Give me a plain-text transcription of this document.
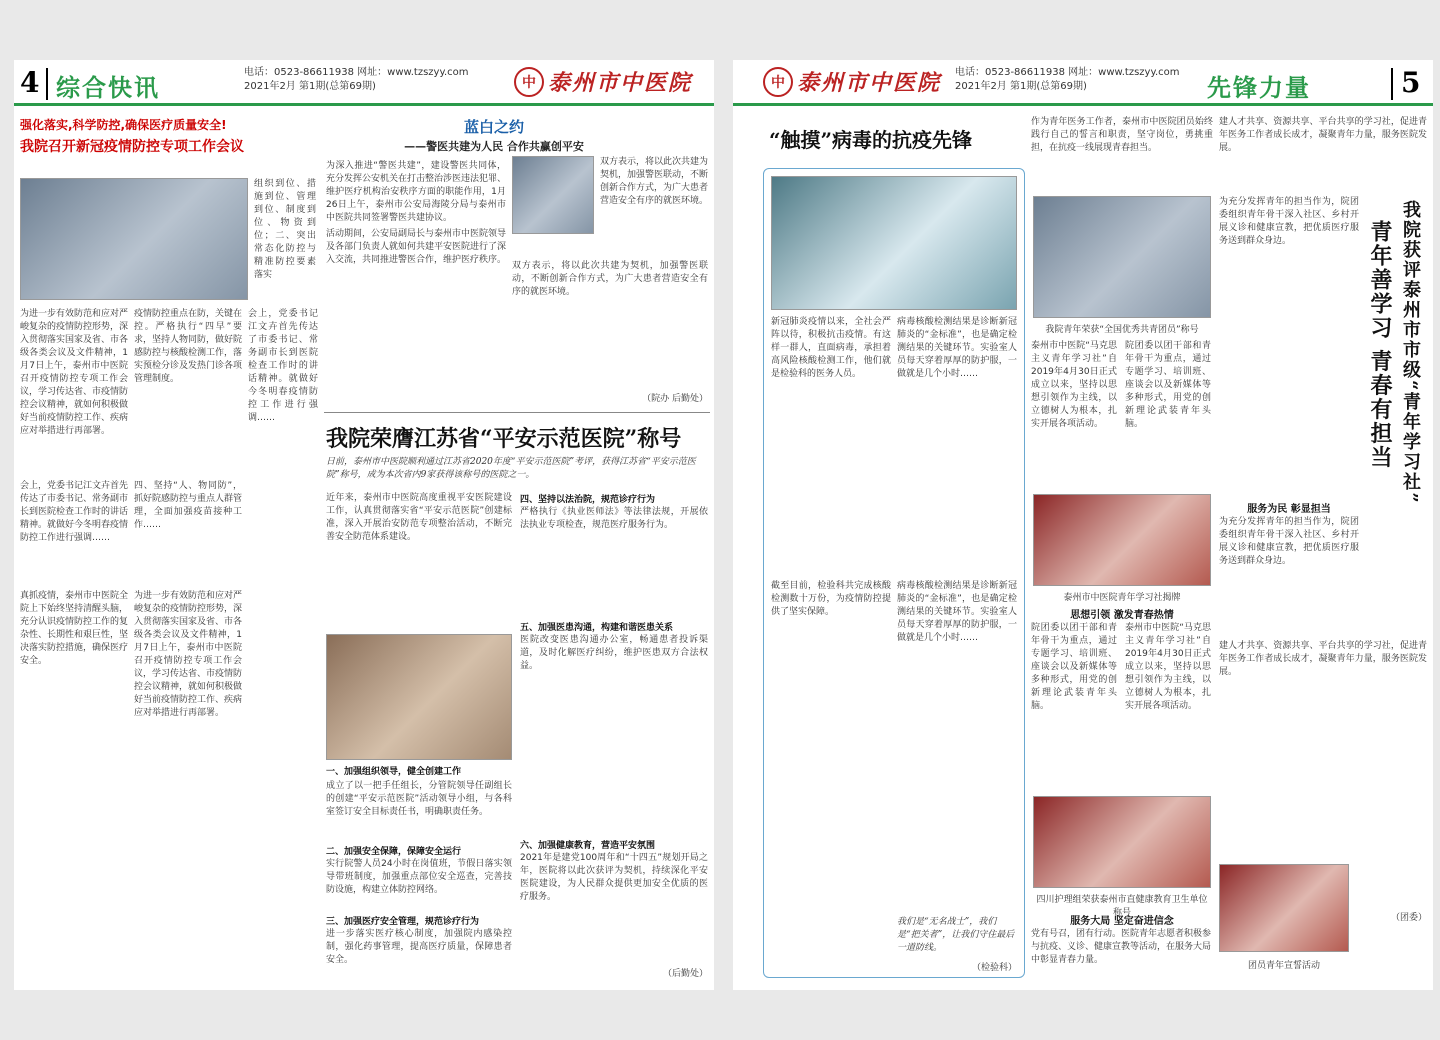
4 综合快讯
电话：0523-86611938 网址：www.tzszyy.com
2021年2月 第1期(总第69期)	中 泰州市中医院
强化落实,科学防控,确保医疗质量安全!
我院召开新冠疫情防控专项工作会议
组织到位、措施到位、管理到位、制度到位、物资到位；二、突出常态化防控与精准防控要素落实
为进一步有效防范和应对严峻复杂的疫情防控形势，深入贯彻落实国家及省、市各级各类会议及文件精神，1月7日上午，泰州市中医院召开疫情防控专项工作会议，学习传达省、市疫情防控会议精神，就如何积极做好当前疫情防控工作、疾病应对举措进行再部署。
会上，党委书记江文卉首先传达了市委书记、常务副市长到医院检查工作时的讲话精神。就做好今冬明春疫情防控工作进行强调……
疫情防控重点在防，关键在控。严格执行“四早”要求，坚持人物同防，做好院感防控与核酸检测工作，落实预检分诊及发热门诊各项管理制度。
四、坚持“人、物同防”，抓好院感防控与重点人群管理，全面加强疫苗接种工作……
真抓疫情，泰州市中医院全院上下始终坚持清醒头脑，充分认识疫情防控工作的复杂性、长期性和艰巨性，坚决落实防控措施，确保医疗安全。
为进一步有效防范和应对严峻复杂的疫情防控形势，深入贯彻落实国家及省、市各级各类会议及文件精神，1月7日上午，泰州市中医院召开疫情防控专项工作会议，学习传达省、市疫情防控会议精神，就如何积极做好当前疫情防控工作、疾病应对举措进行再部署。
会上，党委书记江文卉首先传达了市委书记、常务副市长到医院检查工作时的讲话精神。就做好今冬明春疫情防控工作进行强调……
蓝白之约
——警医共建为人民 合作共赢创平安
为深入推进“警医共建”，建设警医共同体，充分发挥公安机关在打击整治涉医违法犯罪、维护医疗机构治安秩序方面的职能作用，1月26日上午，泰州市公安局海陵分局与泰州市中医院共同签署警医共建协议。
双方表示，将以此次共建为契机，加强警医联动，不断创新合作方式，为广大患者营造安全有序的就医环境。
活动期间，公安局副局长与泰州市中医院领导及各部门负责人就如何共建平安医院进行了深入交流，共同推进警医合作，维护医疗秩序。
双方表示，将以此次共建为契机，加强警医联动，不断创新合作方式，为广大患者营造安全有序的就医环境。
（院办 后勤处）
我院荣膺江苏省“平安示范医院”称号
日前，泰州市中医院顺利通过江苏省2020年度“平安示范医院”考评，获得江苏省“平安示范医院”称号，成为本次省内9家获得该称号的医院之一。
近年来，泰州市中医院高度重视平安医院建设工作，认真贯彻落实省“平安示范医院”创建标准，深入开展治安防范专项整治活动，不断完善安全防范体系建设。
一、加强组织领导，健全创建工作
成立了以一把手任组长，分管院领导任副组长的创建“平安示范医院”活动领导小组，与各科室签订安全目标责任书，明确职责任务。
二、加强安全保障，保障安全运行
实行院警人员24小时在岗值班，节假日落实领导带班制度，加强重点部位安全巡查，完善技防设施，构建立体防控网络。
三、加强医疗安全管理，规范诊疗行为
进一步落实医疗核心制度，加强院内感染控制，强化药事管理，提高医疗质量，保障患者安全。
四、坚持以法治院，规范诊疗行为
严格执行《执业医师法》等法律法规，开展依法执业专项检查，规范医疗服务行为。
五、加强医患沟通，构建和谐医患关系
医院改变医患沟通办公室，畅通患者投诉渠道，及时化解医疗纠纷，维护医患双方合法权益。
六、加强健康教育，营造平安氛围
2021年是建党100周年和“十四五”规划开局之年，医院将以此次获评为契机，持续深化平安医院建设，为人民群众提供更加安全优质的医疗服务。
（后勤处）
中 泰州市中医院 电话：0523-86611938 网址：www.tzszyy.com
2021年2月 第1期(总第69期)	先锋力量	5
“触摸”病毒的抗疫先锋
新冠肺炎疫情以来，全社会严阵以待，积极抗击疫情。有这样一群人，直面病毒，承担着高风险核酸检测工作，他们就是检验科的医务人员。
病毒核酸检测结果是诊断新冠肺炎的“金标准”，也是确定检测结果的关键环节。实验室人员每天穿着厚厚的防护服，一做就是几个小时……
截至目前，检验科共完成核酸检测数十万份，为疫情防控提供了坚实保障。
病毒核酸检测结果是诊断新冠肺炎的“金标准”，也是确定检测结果的关键环节。实验室人员每天穿着厚厚的防护服，一做就是几个小时……
我们是“无名战士”，我们是“把关者”，让我们守住最后一道防线。
（检验科）
作为青年医务工作者，泰州市中医院团员始终践行自己的誓言和职责，坚守岗位，勇挑重担，在抗疫一线展现青春担当。
我院青年荣获“全国优秀共青团员”称号
泰州市中医院“马克思主义青年学习社”自2019年4月30日正式成立以来，坚持以思想引领作为主线，以立德树人为根本，扎实开展各项活动。
院团委以团干部和青年骨干为重点，通过专题学习、培训班、座谈会以及新媒体等多种形式，用党的创新理论武装青年头脑。
泰州市中医院青年学习社揭牌
思想引领 激发青春热情
院团委以团干部和青年骨干为重点，通过专题学习、培训班、座谈会以及新媒体等多种形式，用党的创新理论武装青年头脑。
泰州市中医院“马克思主义青年学习社”自2019年4月30日正式成立以来，坚持以思想引领作为主线，以立德树人为根本，扎实开展各项活动。
四川护理组荣获泰州市直健康教育卫生单位称号
服务大局 坚定奋进信念
党有号召，团有行动。医院青年志愿者积极参与抗疫、义诊、健康宣教等活动，在服务大局中彰显青春力量。
建人才共享、资源共享、平台共享的学习社，促进青年医务工作者成长成才，凝聚青年力量，服务医院发展。
为充分发挥青年的担当作为，院团委组织青年骨干深入社区、乡村开展义诊和健康宣教，把优质医疗服务送到群众身边。	我院获评泰州市市级“青年学习社”
青年善学习 青春有担当
服务为民 彰显担当
为充分发挥青年的担当作为，院团委组织青年骨干深入社区、乡村开展义诊和健康宣教，把优质医疗服务送到群众身边。
建人才共享、资源共享、平台共享的学习社，促进青年医务工作者成长成才，凝聚青年力量，服务医院发展。
（团委）
团员青年宣誓活动
